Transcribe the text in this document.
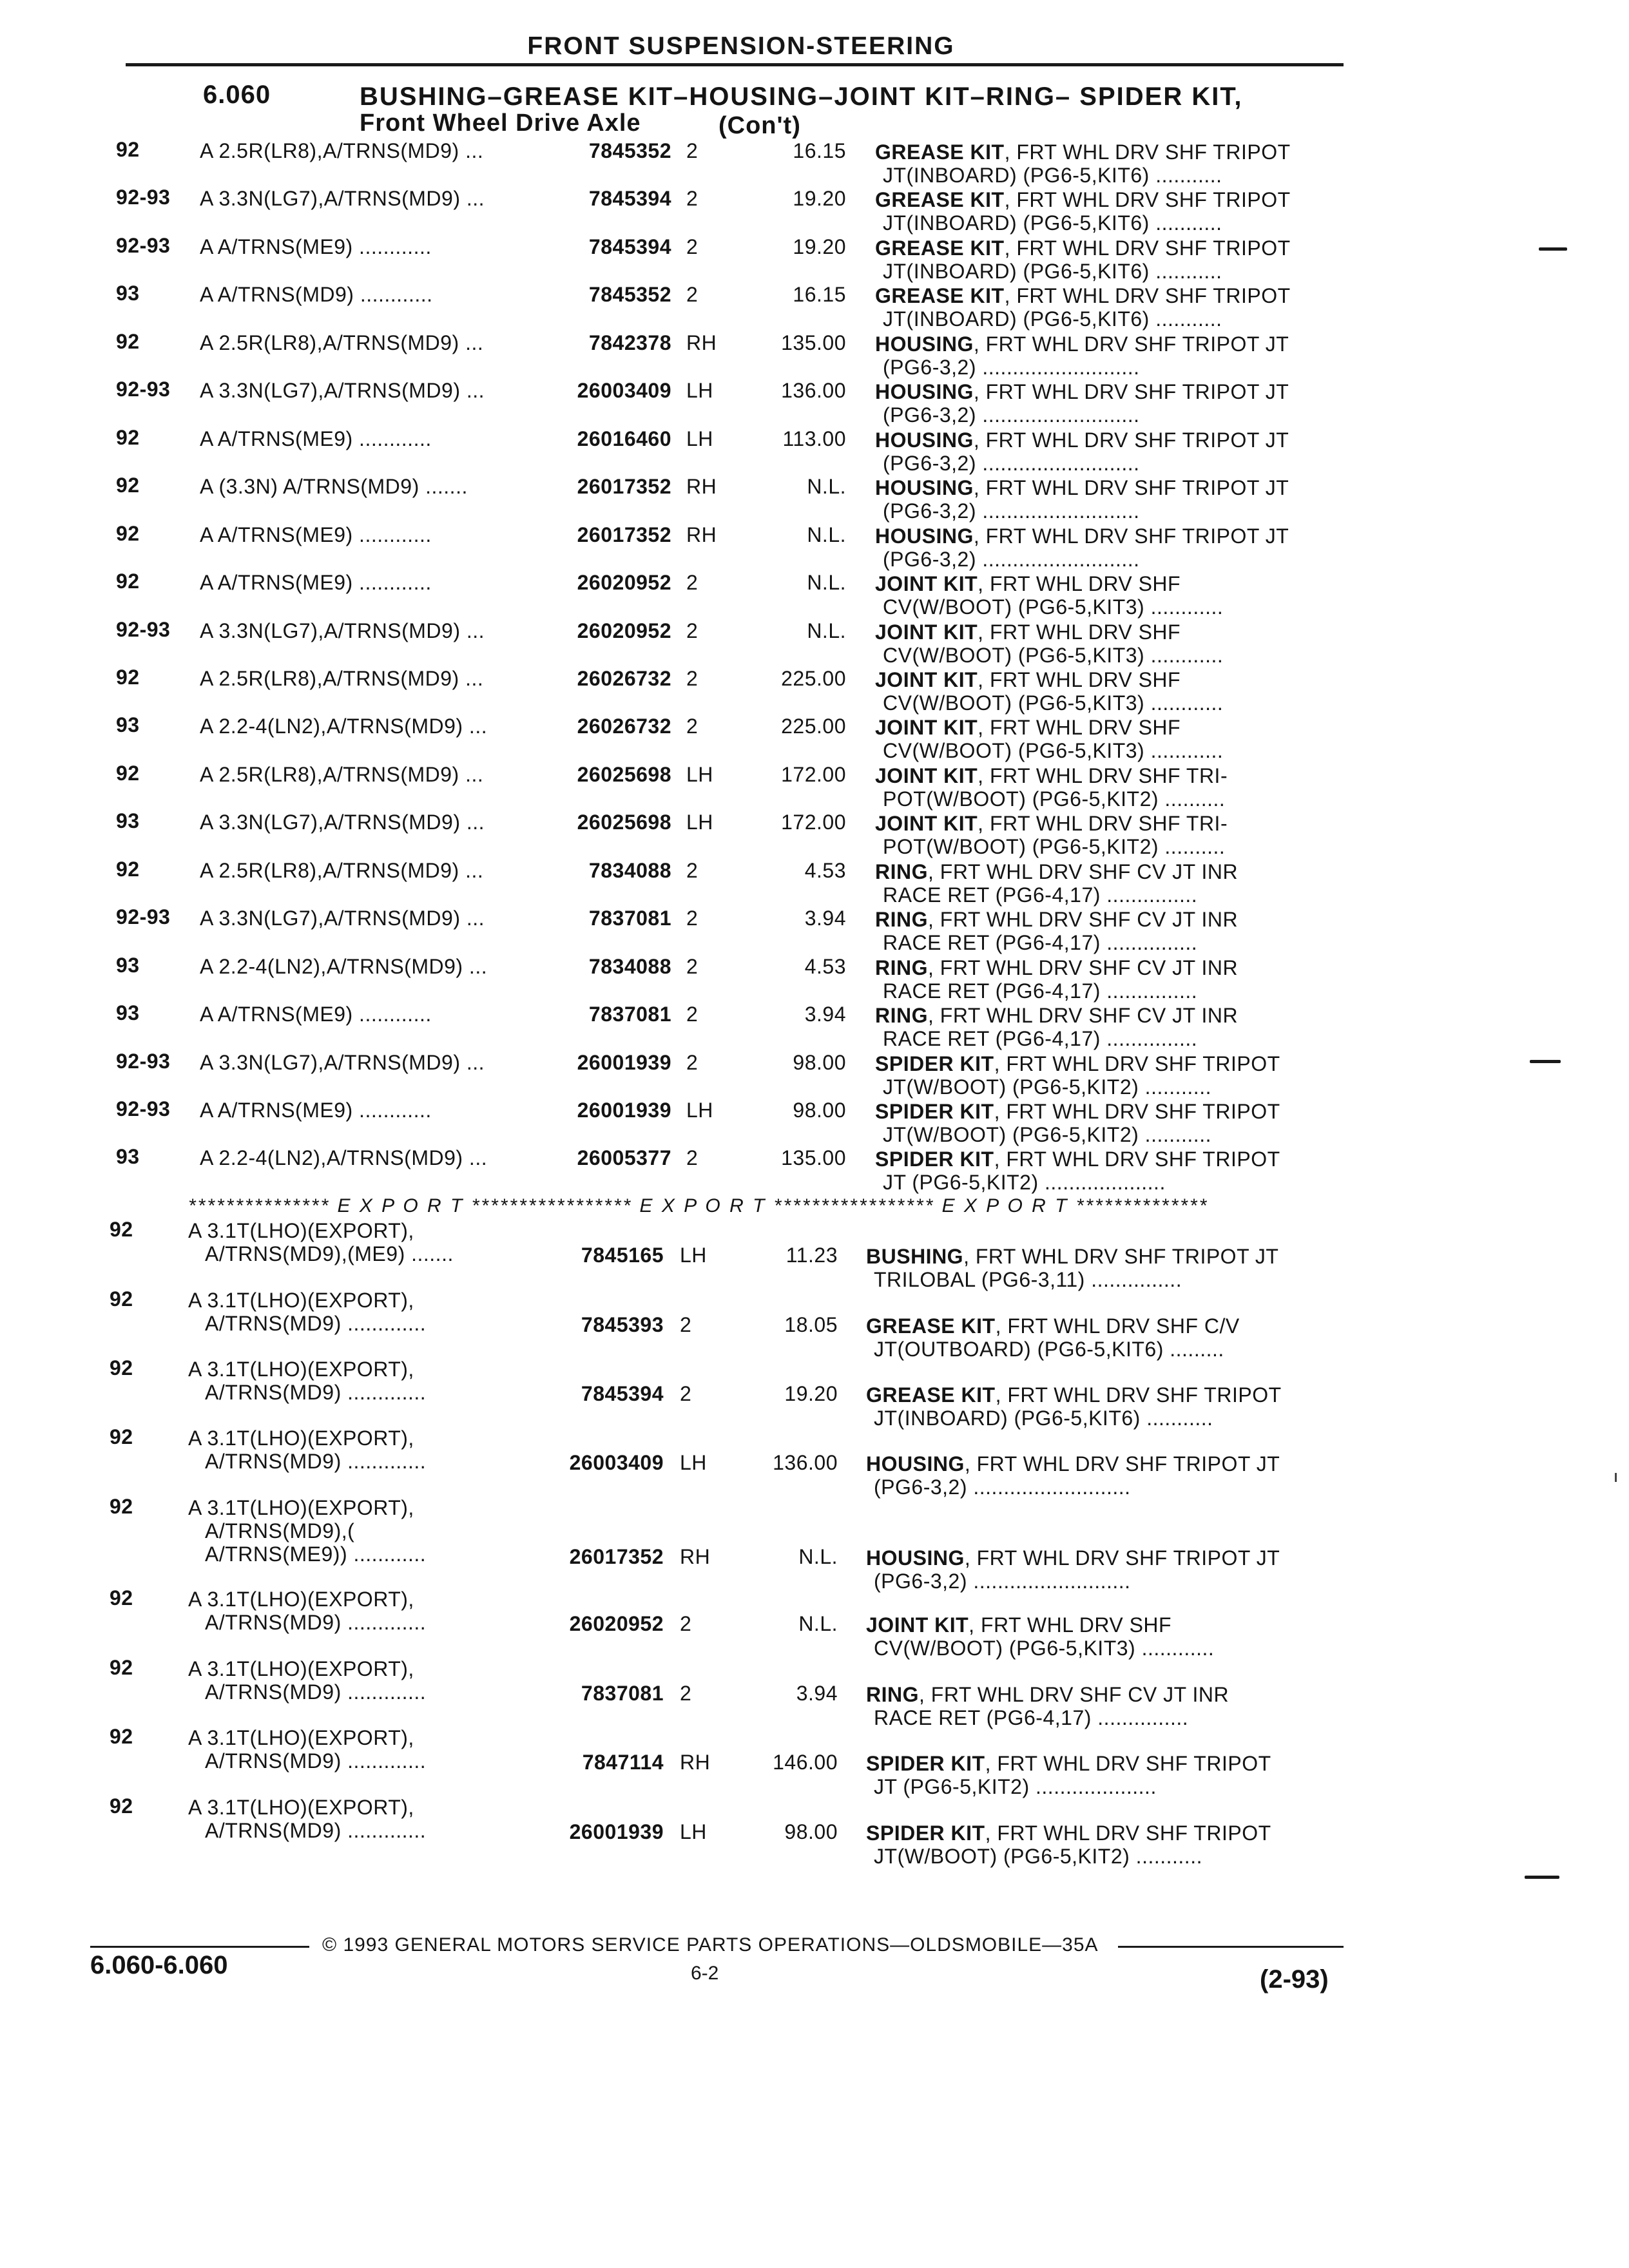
FRONT SUSPENSION-STEERING
6.060	BUSHING–GREASE KIT–HOUSING–JOINT KIT–RING– SPIDER KIT,
Front Wheel Drive Axle	(Con't)
92	A 2.5R(LR8),A/TRNS(MD9) ...	7845352 2	16.15 GREASE KIT, FRT WHL DRV SHF TRIPOT
JT(INBOARD) (PG6-5,KIT6) ...........
92-93 A 3.3N(LG7),A/TRNS(MD9) ...	7845394 2	19.20 GREASE KIT, FRT WHL DRV SHF TRIPOT
JT(INBOARD) (PG6-5,KIT6) ...........
92-93 A A/TRNS(ME9) ............	7845394 2	19.20 GREASE KIT, FRT WHL DRV SHF TRIPOT
JT(INBOARD) (PG6-5,KIT6) ...........
93	A A/TRNS(MD9) ............	7845352 2	16.15 GREASE KIT, FRT WHL DRV SHF TRIPOT
JT(INBOARD) (PG6-5,KIT6) ...........
92	A 2.5R(LR8),A/TRNS(MD9) ...	7842378 RH	135.00 HOUSING, FRT WHL DRV SHF TRIPOT JT
(PG6-3,2) ..........................
92-93 A 3.3N(LG7),A/TRNS(MD9) ...	26003409 LH	136.00 HOUSING, FRT WHL DRV SHF TRIPOT JT
(PG6-3,2) ..........................
92	A A/TRNS(ME9) ............	26016460 LH	113.00 HOUSING, FRT WHL DRV SHF TRIPOT JT
(PG6-3,2) ..........................
92	A (3.3N) A/TRNS(MD9) .......	26017352 RH	N.L. HOUSING, FRT WHL DRV SHF TRIPOT JT
(PG6-3,2) ..........................
92	A A/TRNS(ME9) ............	26017352 RH	N.L. HOUSING, FRT WHL DRV SHF TRIPOT JT
(PG6-3,2) ..........................
92	A A/TRNS(ME9) ............	26020952 2	N.L. JOINT KIT, FRT WHL DRV SHF
CV(W/BOOT) (PG6-5,KIT3) ............
92-93 A 3.3N(LG7),A/TRNS(MD9) ...	26020952 2	N.L. JOINT KIT, FRT WHL DRV SHF
CV(W/BOOT) (PG6-5,KIT3) ............
92	A 2.5R(LR8),A/TRNS(MD9) ...	26026732 2	225.00 JOINT KIT, FRT WHL DRV SHF
CV(W/BOOT) (PG6-5,KIT3) ............
93	A 2.2-4(LN2),A/TRNS(MD9) ...	26026732 2	225.00 JOINT KIT, FRT WHL DRV SHF
CV(W/BOOT) (PG6-5,KIT3) ............
92	A 2.5R(LR8),A/TRNS(MD9) ...	26025698 LH	172.00 JOINT KIT, FRT WHL DRV SHF TRI-
POT(W/BOOT) (PG6-5,KIT2) ..........
93	A 3.3N(LG7),A/TRNS(MD9) ...	26025698 LH	172.00 JOINT KIT, FRT WHL DRV SHF TRI-
POT(W/BOOT) (PG6-5,KIT2) ..........
92	A 2.5R(LR8),A/TRNS(MD9) ...	7834088 2	4.53 RING, FRT WHL DRV SHF CV JT INR
RACE RET (PG6-4,17) ...............
92-93 A 3.3N(LG7),A/TRNS(MD9) ...	7837081 2	3.94 RING, FRT WHL DRV SHF CV JT INR
RACE RET (PG6-4,17) ...............
93	A 2.2-4(LN2),A/TRNS(MD9) ...	7834088 2	4.53 RING, FRT WHL DRV SHF CV JT INR
RACE RET (PG6-4,17) ...............
93	A A/TRNS(ME9) ............	7837081 2	3.94 RING, FRT WHL DRV SHF CV JT INR
RACE RET (PG6-4,17) ...............
92-93 A 3.3N(LG7),A/TRNS(MD9) ...	26001939 2	98.00 SPIDER KIT, FRT WHL DRV SHF TRIPOT
JT(W/BOOT) (PG6-5,KIT2) ...........
92-93 A A/TRNS(ME9) ............	26001939 LH	98.00 SPIDER KIT, FRT WHL DRV SHF TRIPOT
JT(W/BOOT) (PG6-5,KIT2) ...........
93	A 2.2-4(LN2),A/TRNS(MD9) ...	26005377 2	135.00 SPIDER KIT, FRT WHL DRV SHF TRIPOT
JT (PG6-5,KIT2) ....................
*************** E X P O R T ***************** E X P O R T ***************** E X P O R T **************
92	A 3.1T(LHO)(EXPORT),
A/TRNS(MD9),(ME9) .......	7845165 LH	11.23 BUSHING, FRT WHL DRV SHF TRIPOT JT
TRILOBAL (PG6-3,11) ...............
92	A 3.1T(LHO)(EXPORT),
A/TRNS(MD9) .............	7845393 2	18.05 GREASE KIT, FRT WHL DRV SHF C/V
JT(OUTBOARD) (PG6-5,KIT6) .........
92	A 3.1T(LHO)(EXPORT),
A/TRNS(MD9) .............	7845394 2	19.20 GREASE KIT, FRT WHL DRV SHF TRIPOT
JT(INBOARD) (PG6-5,KIT6) ...........
92	A 3.1T(LHO)(EXPORT),
A/TRNS(MD9) .............	26003409 LH	136.00 HOUSING, FRT WHL DRV SHF TRIPOT JT
(PG6-3,2) ..........................
92	A 3.1T(LHO)(EXPORT),
A/TRNS(MD9),(
A/TRNS(ME9)) ............	26017352 RH	N.L. HOUSING, FRT WHL DRV SHF TRIPOT JT
(PG6-3,2) ..........................
92	A 3.1T(LHO)(EXPORT),
A/TRNS(MD9) .............	26020952 2	N.L. JOINT KIT, FRT WHL DRV SHF
CV(W/BOOT) (PG6-5,KIT3) ............
92	A 3.1T(LHO)(EXPORT),
A/TRNS(MD9) .............	7837081 2	3.94 RING, FRT WHL DRV SHF CV JT INR
RACE RET (PG6-4,17) ...............
92	A 3.1T(LHO)(EXPORT),
A/TRNS(MD9) .............	7847114 RH	146.00 SPIDER KIT, FRT WHL DRV SHF TRIPOT
JT (PG6-5,KIT2) ....................
92	A 3.1T(LHO)(EXPORT),
A/TRNS(MD9) .............	26001939 LH	98.00 SPIDER KIT, FRT WHL DRV SHF TRIPOT
JT(W/BOOT) (PG6-5,KIT2) ...........
© 1993 GENERAL MOTORS SERVICE PARTS OPERATIONS—OLDSMOBILE—35A
6-2
6.060-6.060	(2-93)
